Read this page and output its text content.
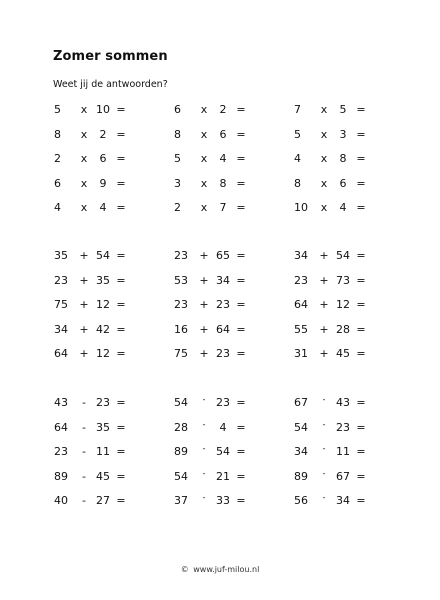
Zomer sommen
Weet jij de antwoorden?
5	x 10 =	6	x	2 =	7	x	5 =
8	x	2 =	8	x	6 =	5	x	3 =
2	x	6 =	5	x	4 =	4	x	8 =
6	x	9 =	3	x	8 =	8	x	6 =
4	x	4 =	2	x	7 =	10	x	4 =
35	+ 54 =	23	+ 65 =	34	+ 54 =
23	+ 35 =	53	+ 34 =	23	+ 73 =
75	+ 12 =	23	+ 23 =	64	+ 12 =
34	+ 42 =	16	+ 64 =	55	+ 28 =
64	+ 12 =	75	+ 23 =	31	+ 45 =
43	- 23 =	54	- 23 =	67	- 43 =
64	- 35 =	28	-	4 =	54	- 23 =
23	- 11 =	89	- 54 =	34	- 11 =
89	- 45 =	54	- 21 =	89	- 67 =
40	- 27 =	37	- 33 =	56	- 34 =
© www.juf-milou.nl
